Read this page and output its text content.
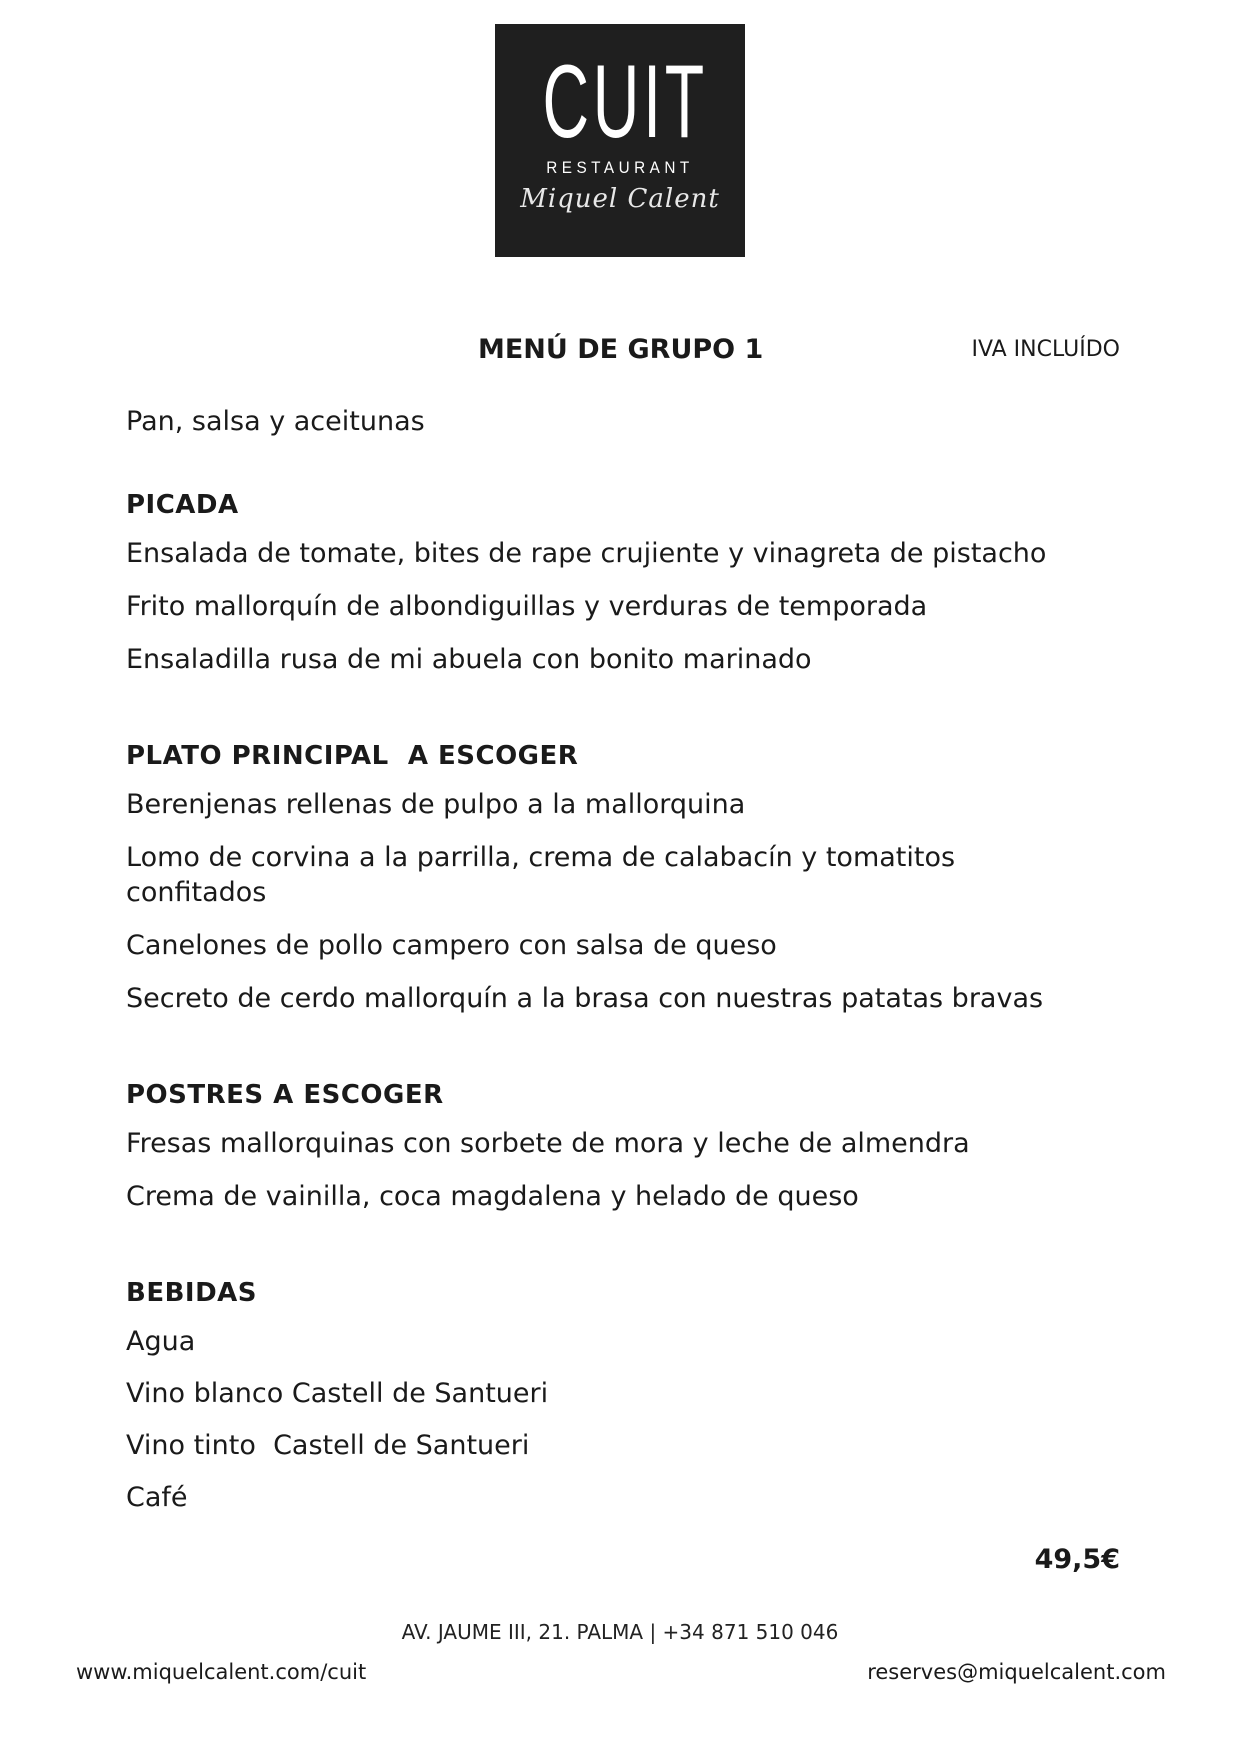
CUIT
RESTAURANT
Miquel Calent
MENÚ DE GRUPO 1	IVA INCLUÍDO

Pan, salsa y aceitunas

PICADA
Ensalada de tomate, bites de rape crujiente y vinagreta de pistacho
Frito mallorquín de albondiguillas y verduras de temporada
Ensaladilla rusa de mi abuela con bonito marinado
PLATO PRINCIPAL  A ESCOGER
Berenjenas rellenas de pulpo a la mallorquina
Lomo de corvina a la parrilla, crema de calabacín y tomatitos confitados
Canelones de pollo campero con salsa de queso
Secreto de cerdo mallorquín a la brasa con nuestras patatas bravas
POSTRES A ESCOGER
Fresas mallorquinas con sorbete de mora y leche de almendra
Crema de vainilla, coca magdalena y helado de queso
BEBIDAS
Agua
Vino blanco Castell de Santueri
Vino tinto  Castell de Santueri
Café
49,5€
AV. JAUME III, 21. PALMA | +34 871 510 046
www.miquelcalent.com/cuit	reserves@miquelcalent.com
